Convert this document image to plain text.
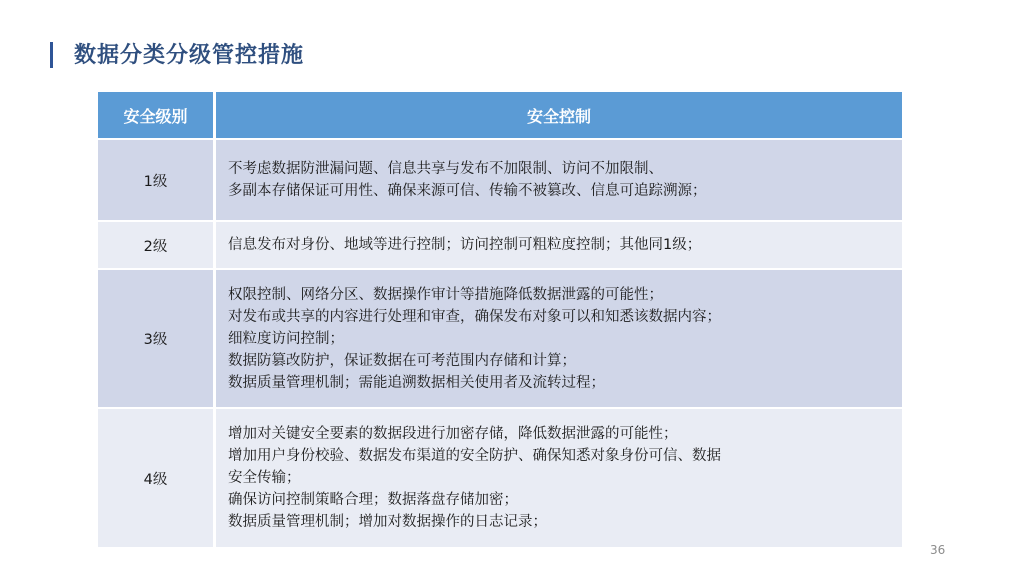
数据分类分级管控措施
安全级别	安全控制
1级	不考虑数据防泄漏问题、信息共享与发布不加限制、访问不加限制、
多副本存储保证可用性、确保来源可信、传输不被篡改、信息可追踪溯源；

2级	信息发布对身份、地域等进行控制；访问控制可粗粒度控制；其他同1级；

3级	权限控制、网络分区、数据操作审计等措施降低数据泄露的可能性；
对发布或共享的内容进行处理和审查，确保发布对象可以和知悉该数据内容；
细粒度访问控制；
数据防篡改防护，保证数据在可考范围内存储和计算；
数据质量管理机制；需能追溯数据相关使用者及流转过程；

4级	增加对关键安全要素的数据段进行加密存储，降低数据泄露的可能性；
增加用户身份校验、数据发布渠道的安全防护、确保知悉对象身份可信、数据
安全传输；
确保访问控制策略合理；数据落盘存储加密；
数据质量管理机制；增加对数据操作的日志记录；
36
